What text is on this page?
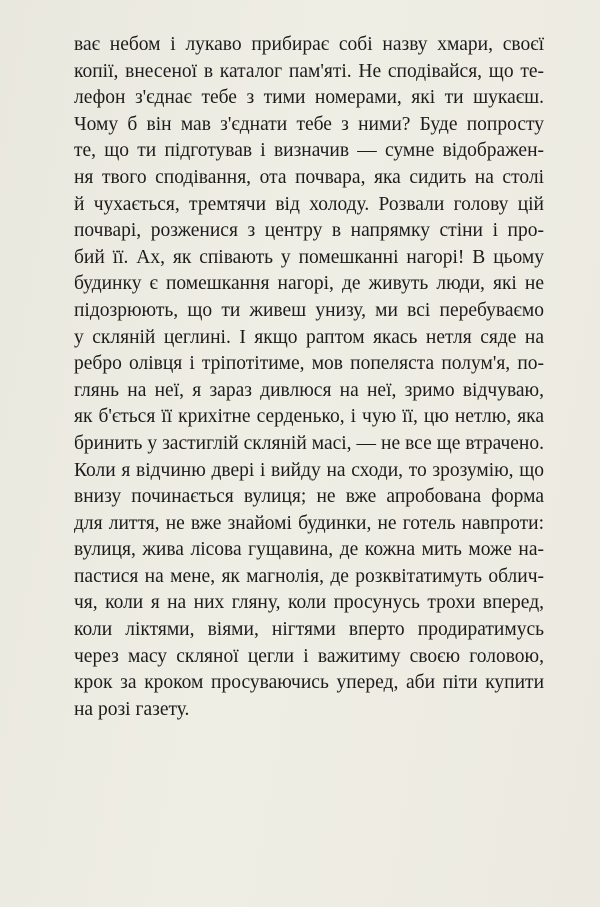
ває небом і лукаво прибирає собі назву хмари, своєї
копії, внесеної в каталог пам'яті. Не сподівайся, що те-
лефон з'єднає тебе з тими номерами, які ти шукаєш.
Чому б він мав з'єднати тебе з ними? Буде попросту
те, що ти підготував і визначив — сумне відображен-
ня твого сподівання, ота почвара, яка сидить на столі
й чухається, тремтячи від холоду. Розвали голову цій
почварі, розженися з центру в напрямку стіни і про-
бий її. Ах, як співають у помешканні нагорі! В цьому
будинку є помешкання нагорі, де живуть люди, які не
підозрюють, що ти живеш унизу, ми всі перебуваємо
у скляній цеглині. І якщо раптом якась нетля сяде на
ребро олівця і тріпотітиме, мов попеляста полум'я, по-
глянь на неї, я зараз дивлюся на неї, зримо відчуваю,
як б'ється її крихітне серденько, і чую її, цю нетлю, яка
бринить у застиглій скляній масі, — не все ще втрачено.
Коли я відчиню двері і вийду на сходи, то зрозумію, що
внизу починається вулиця; не вже апробована форма
для лиття, не вже знайомі будинки, не готель навпроти:
вулиця, жива лісова гущавина, де кожна мить може на-
пастися на мене, як магнолія, де розквітатимуть облич-
чя, коли я на них гляну, коли просунусь трохи вперед,
коли ліктями, віями, нігтями вперто продиратимусь
через масу скляної цегли і важитиму своєю головою,
крок за кроком просуваючись уперед, аби піти купити
на розі газету.
